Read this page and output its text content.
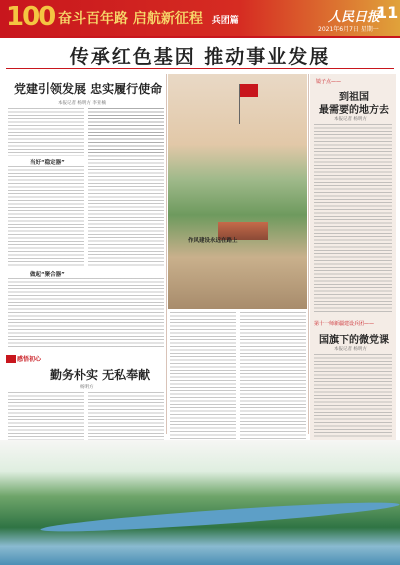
100 奋斗百年路 启航新征程 兵团篇	人民日报
11
2021年6月7日 星期一
传承红色基因 推动事业发展
党建引领发展 忠实履行使命
本报记者 杨明方 李亚楠
当好“稳定器”
做起“聚合器”
感悟初心
勤务朴实 无私奉献
杨明方
作风建设永远在路上
镜子点——
到祖国
最需要的地方去
本报记者 杨明方
第十一师新疆建设兵团——
国旗下的微党课
本报记者 杨明方
